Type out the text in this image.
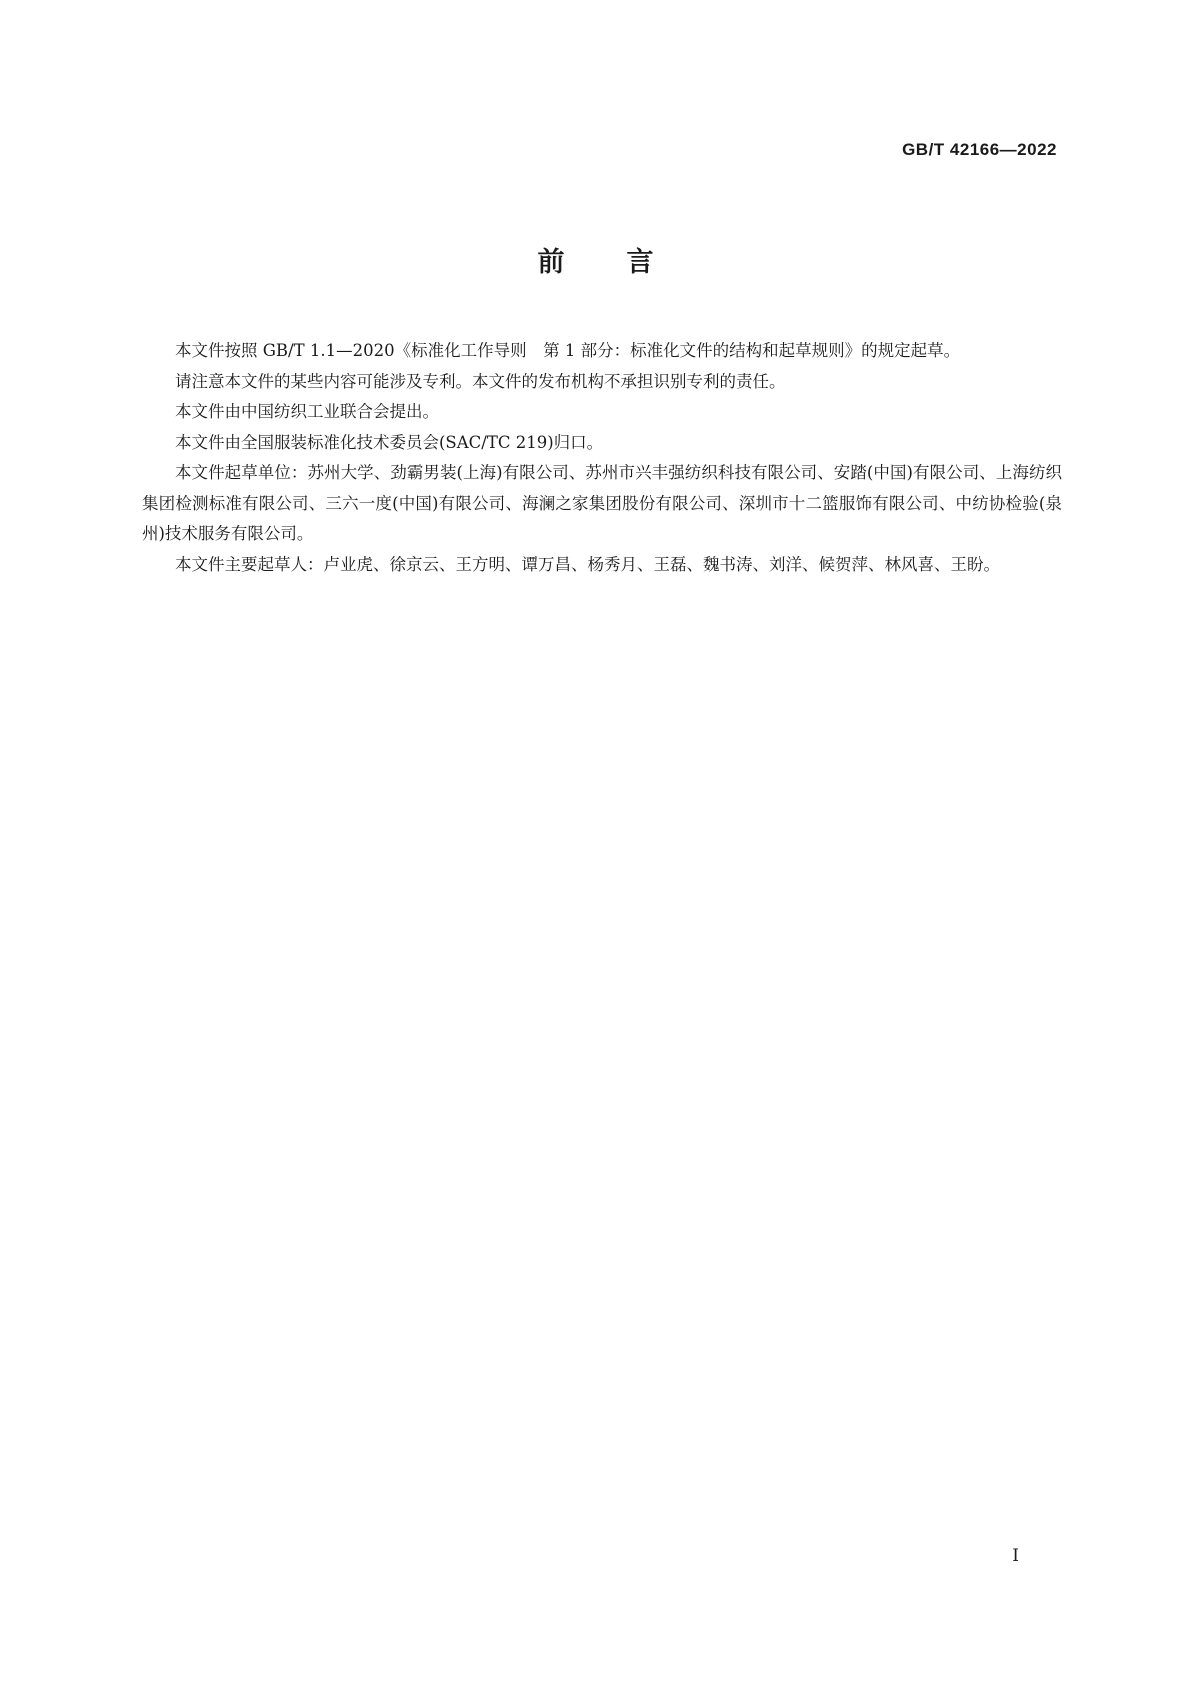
GB/T 42166—2022
前 言

本文件按照 GB/T 1.1—2020《标准化工作导则　第 1 部分：标准化文件的结构和起草规则》的规定起草。

请注意本文件的某些内容可能涉及专利。本文件的发布机构不承担识别专利的责任。

本文件由中国纺织工业联合会提出。

本文件由全国服装标准化技术委员会(SAC/TC 219)归口。

本文件起草单位：苏州大学、劲霸男装(上海)有限公司、苏州市兴丰强纺织科技有限公司、安踏(中国)有限公司、上海纺织集团检测标准有限公司、三六一度(中国)有限公司、海澜之家集团股份有限公司、深圳市十二篮服饰有限公司、中纺协检验(泉州)技术服务有限公司。

本文件主要起草人：卢业虎、徐京云、王方明、谭万昌、杨秀月、王磊、魏书涛、刘洋、候贺萍、林风喜、王盼。

I
